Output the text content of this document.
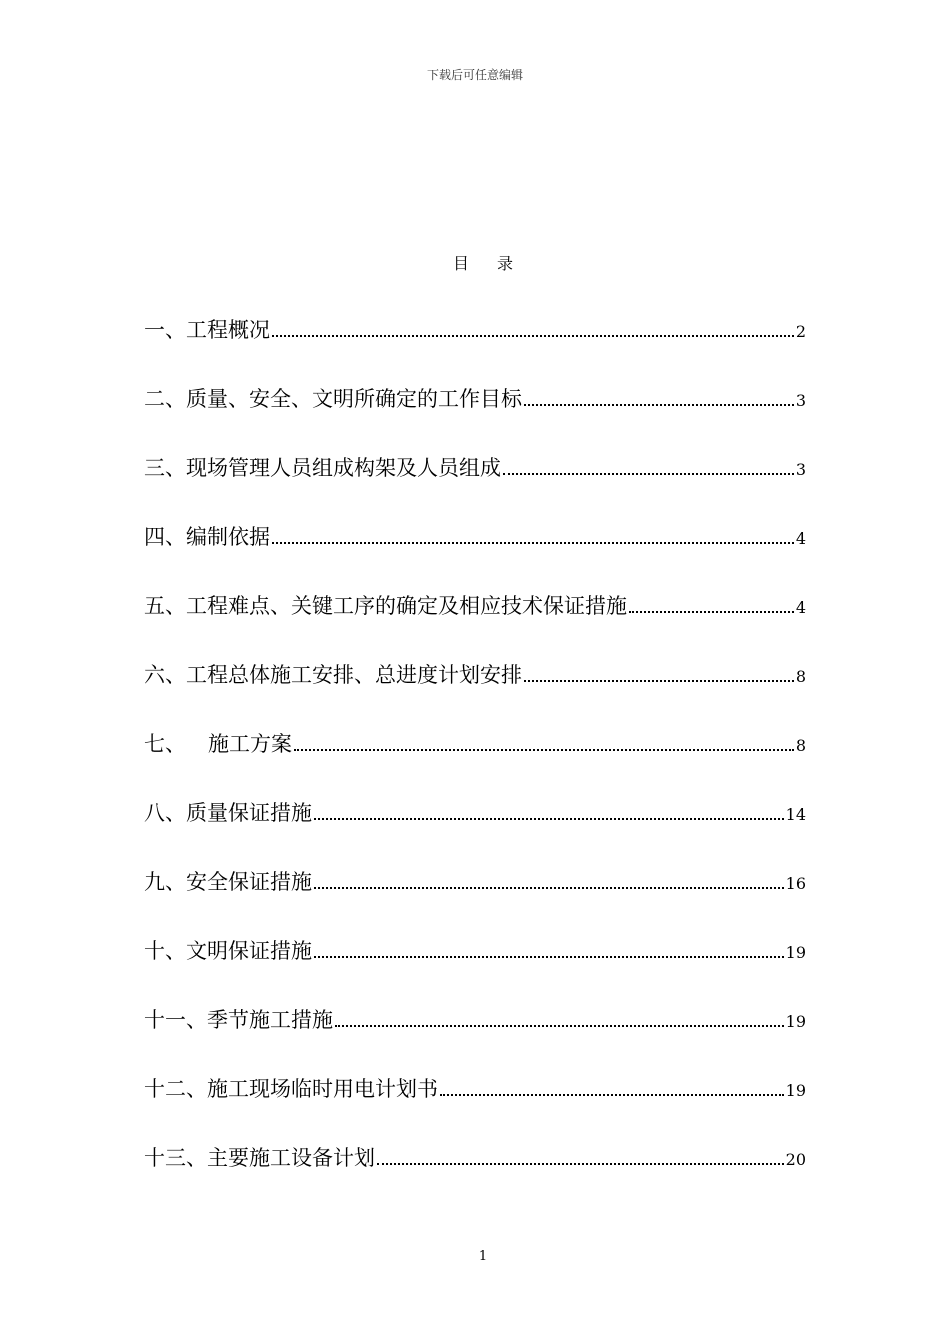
下载后可任意编辑
目 录
一、工程概况	2
二、质量、安全、文明所确定的工作目标	3
三、现场管理人员组成构架及人员组成	3
四、编制依据	4
五、工程难点、关键工序的确定及相应技术保证措施	4
六、工程总体施工安排、总进度计划安排	8
七、 施工方案	8
八、质量保证措施	14
九、安全保证措施	16
十、文明保证措施	19
十一、季节施工措施	19
十二、施工现场临时用电计划书	19
十三、主要施工设备计划	20
1
